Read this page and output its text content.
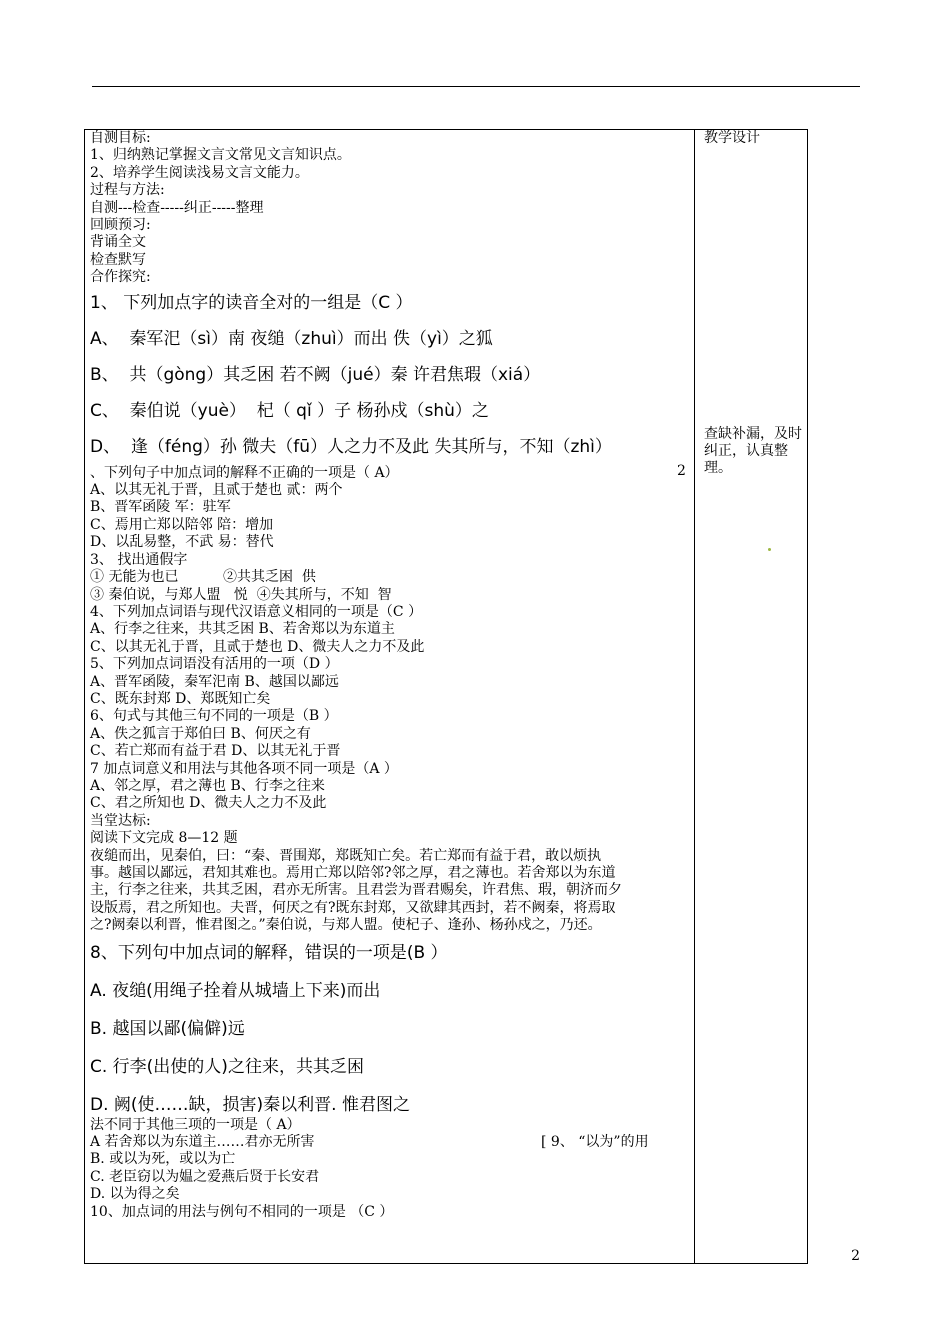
教学设计
查缺补漏，及时纠正，认真整理。
自测目标:
1、归纳熟记掌握文言文常见文言知识点。
2、培养学生阅读浅易文言文能力。
过程与方法:
自测---检查-----纠正-----整理
回顾预习:
背诵全文
检查默写
合作探究:
1、 下列加点字的读音全对的一组是（C ）
A、  秦军汜（sì）南 夜缒（zhuì）而出 佚（yì）之狐
B、  共（gòng）其乏困 若不阙（jué）秦 许君焦瑕（xiá）
C、  秦伯说（yuè）  杞（ qǐ ）子 杨孙戍（shù）之
D、  逢（féng）孙 微夫（fū）人之力不及此 失其所与，不知（zhì）
、下列句子中加点词的解释不正确的一项是（ A）
A、以其无礼于晋，且贰于楚也 贰：两个
B、晋军函陵 军：驻军
C、焉用亡郑以陪邻 陪：增加
D、以乱易整，不武 易：替代
3、 找出通假字
① 无能为也已          ②共其乏困  供
③ 秦伯说，与郑人盟   悦  ④失其所与，不知  智
4、下列加点词语与现代汉语意义相同的一项是（C ）
A、行李之往来，共其乏困 B、若舍郑以为东道主
C、以其无礼于晋，且贰于楚也 D、微夫人之力不及此
5、下列加点词语没有活用的一项（D ）
A、晋军函陵，秦军汜南 B、越国以鄙远
C、既东封郑 D、郑既知亡矣
6、句式与其他三句不同的一项是（B ）
A、佚之狐言于郑伯曰 B、何厌之有
C、若亡郑而有益于君 D、以其无礼于晋
7 加点词意义和用法与其他各项不同一项是（A ）
A、邻之厚，君之薄也 B、行李之往来
C、君之所知也 D、微夫人之力不及此
当堂达标:
阅读下文完成 8—12 题
夜缒而出，见秦伯，曰：“秦、晋围郑，郑既知亡矣。若亡郑而有益于君，敢以烦执
事。越国以鄙远，君知其难也。焉用亡郑以陪邻?邻之厚，君之薄也。若舍郑以为东道
主，行李之往来，共其乏困，君亦无所害。且君尝为晋君赐矣，许君焦、瑕，朝济而夕
设版焉，君之所知也。夫晋，何厌之有?既东封郑，又欲肆其西封，若不阙秦，将焉取
之?阙秦以利晋，惟君图之。”秦伯说，与郑人盟。使杞子、逢孙、杨孙戍之，乃还。
8、下列句中加点词的解释，错误的一项是(B ）
A. 夜缒(用绳子拴着从城墙上下来)而出
B. 越国以鄙(偏僻)远
C. 行李(出使的人)之往来，共其乏困
D. 阙(使……缺，损害)秦以利晋. 惟君图之
法不同于其他三项的一项是（ A）
A 若舍郑以为东道主……君亦无所害
B. 或以为死，或以为亡
C. 老臣窃以为媪之爱燕后贤于长安君
D. 以为得之矣
10、加点词的用法与例句不相同的一项是 （C ）
2
[ 9、 “以为”的用
2
